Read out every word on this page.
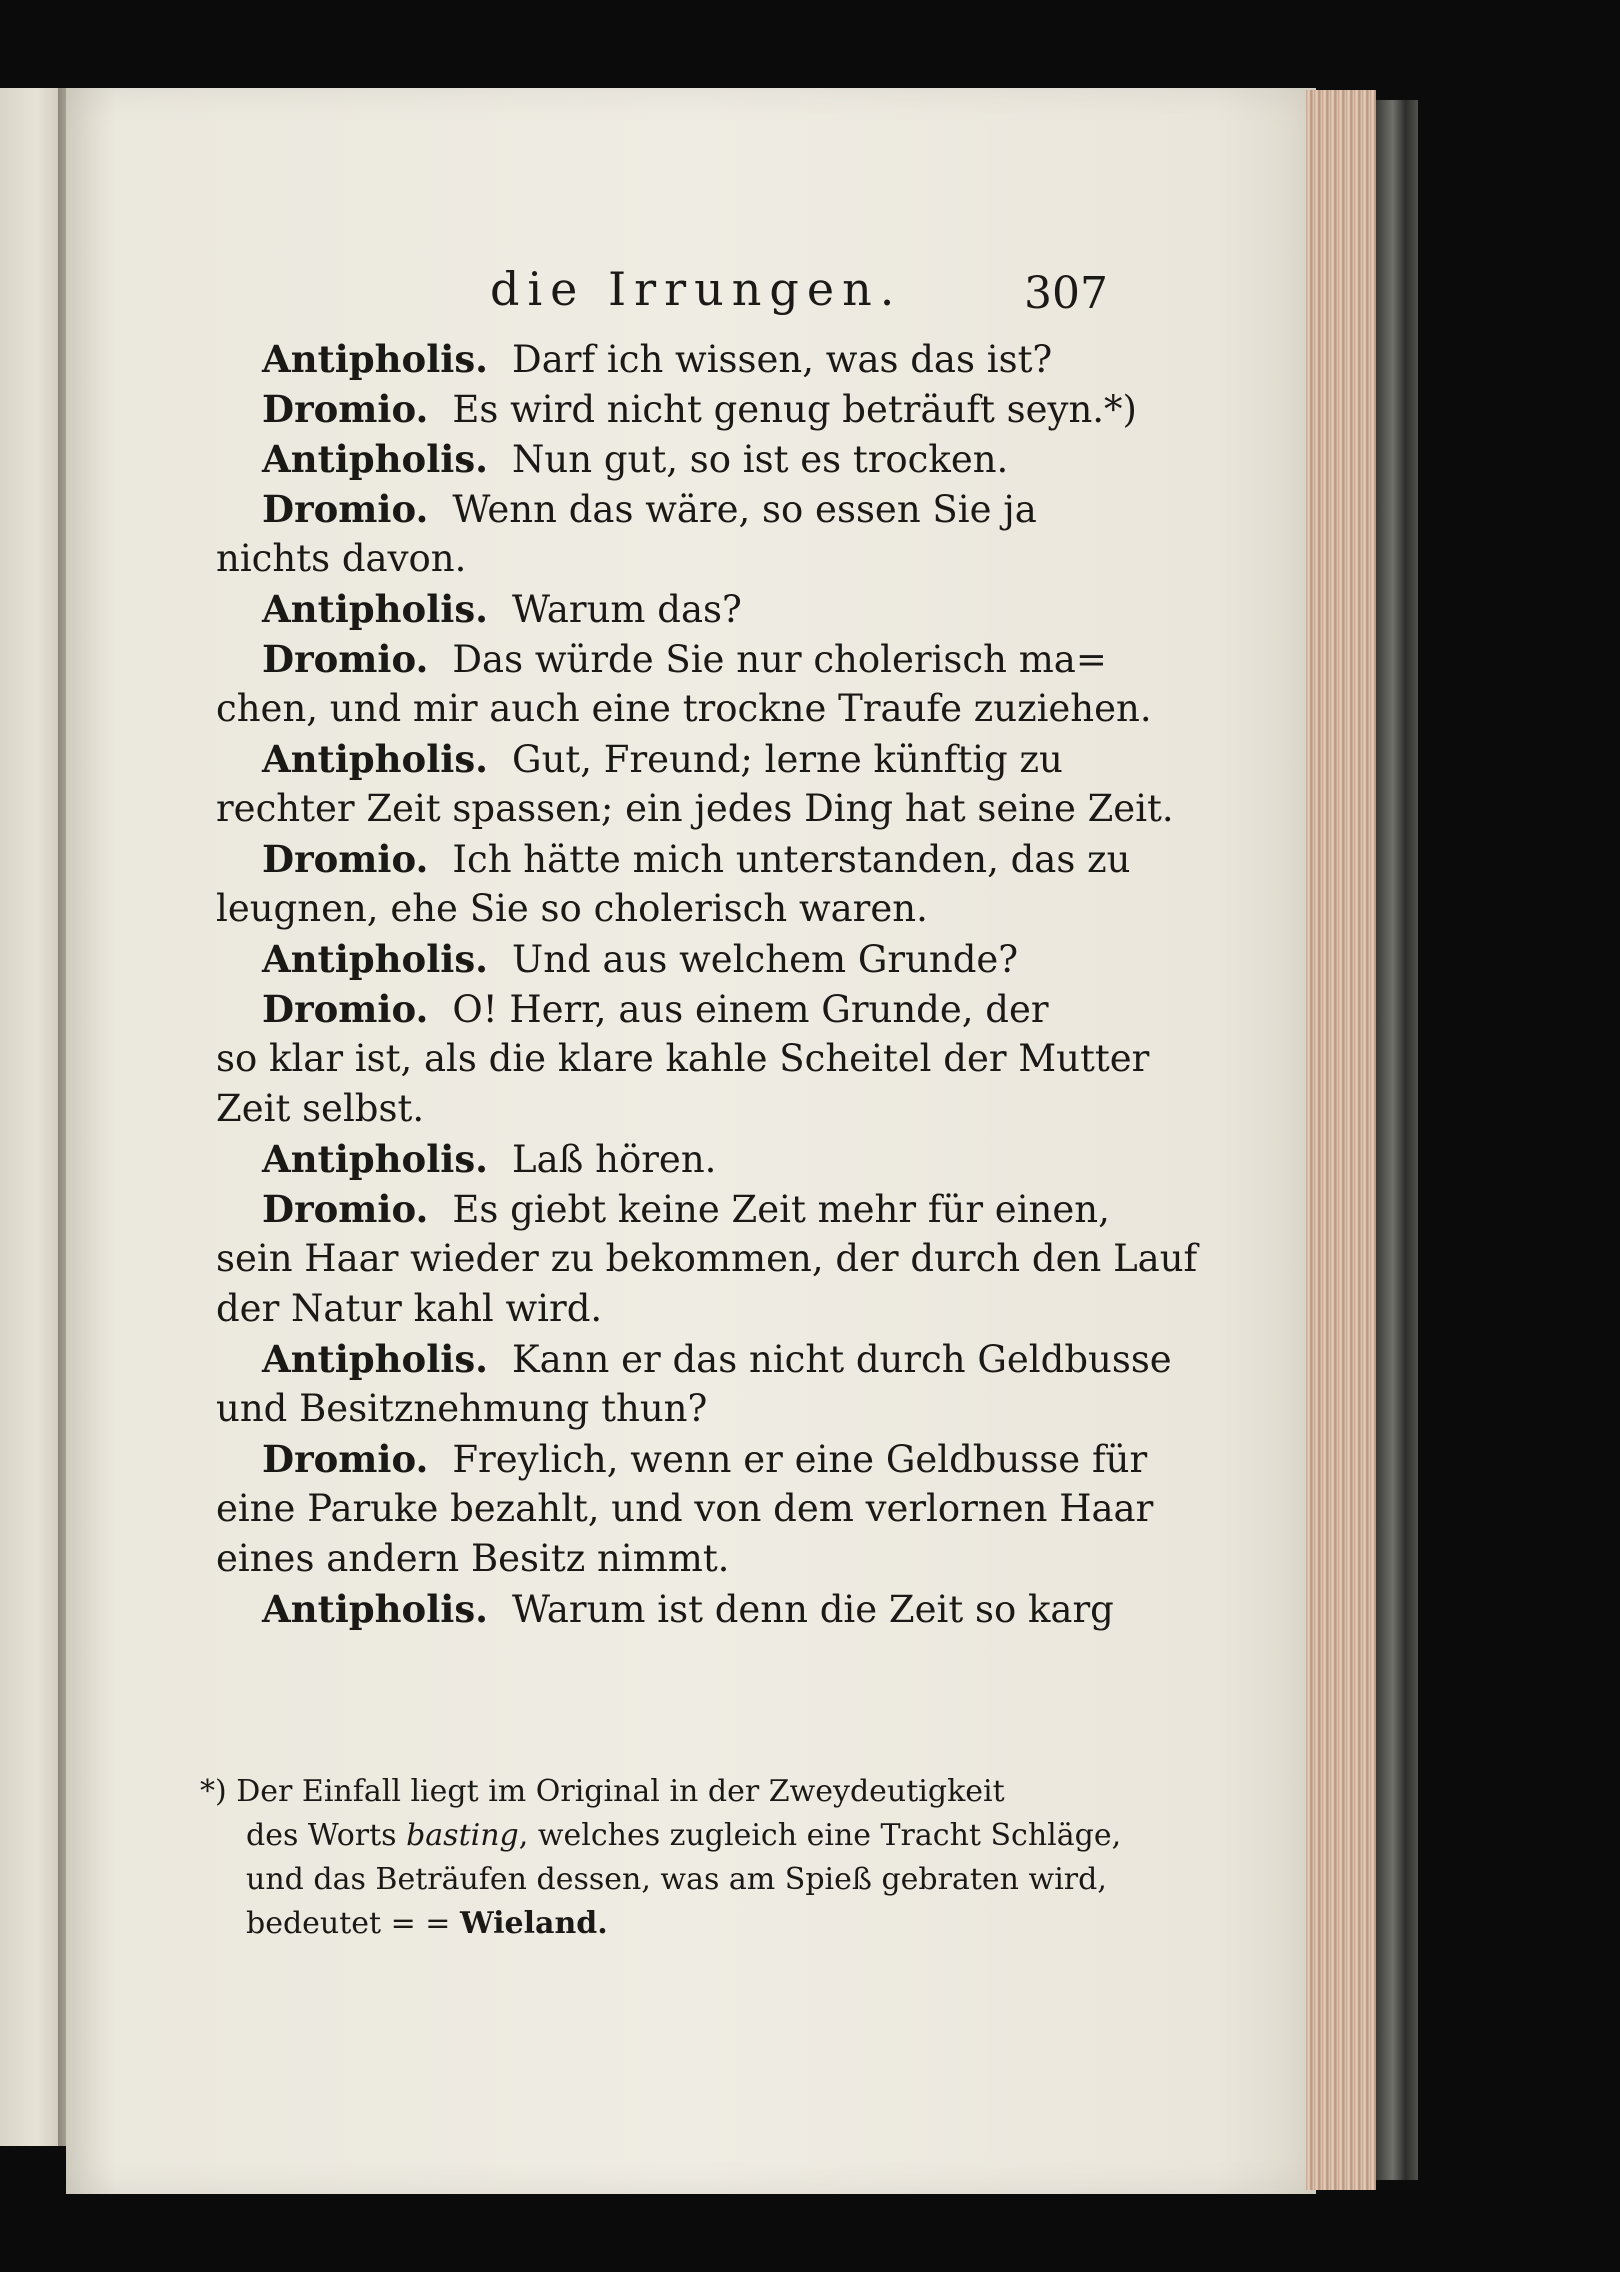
die Irrungen.	307
Antipholis. Darf ich wissen, was das ist?
Dromio. Es wird nicht genug beträuft seyn.*)
Antipholis. Nun gut, so ist es trocken.
Dromio. Wenn das wäre, so essen Sie ja
nichts davon.
Antipholis. Warum das?
Dromio. Das würde Sie nur cholerisch ma=
chen, und mir auch eine trockne Traufe zuziehen.
Antipholis. Gut, Freund; lerne künftig zu
rechter Zeit spassen; ein jedes Ding hat seine Zeit.
Dromio. Ich hätte mich unterstanden, das zu
leugnen, ehe Sie so cholerisch waren.
Antipholis. Und aus welchem Grunde?
Dromio. O! Herr, aus einem Grunde, der
so klar ist, als die klare kahle Scheitel der Mutter
Zeit selbst.
Antipholis. Laß hören.
Dromio. Es giebt keine Zeit mehr für einen,
sein Haar wieder zu bekommen, der durch den Lauf
der Natur kahl wird.
Antipholis. Kann er das nicht durch Geldbusse
und Besitznehmung thun?
Dromio. Freylich, wenn er eine Geldbusse für
eine Paruke bezahlt, und von dem verlornen Haar
eines andern Besitz nimmt.
Antipholis. Warum ist denn die Zeit so karg
*) Der Einfall liegt im Original in der Zweydeutigkeit
des Worts basting, welches zugleich eine Tracht Schläge,
und das Beträufen dessen, was am Spieß gebraten wird,
bedeutet = = Wieland.
